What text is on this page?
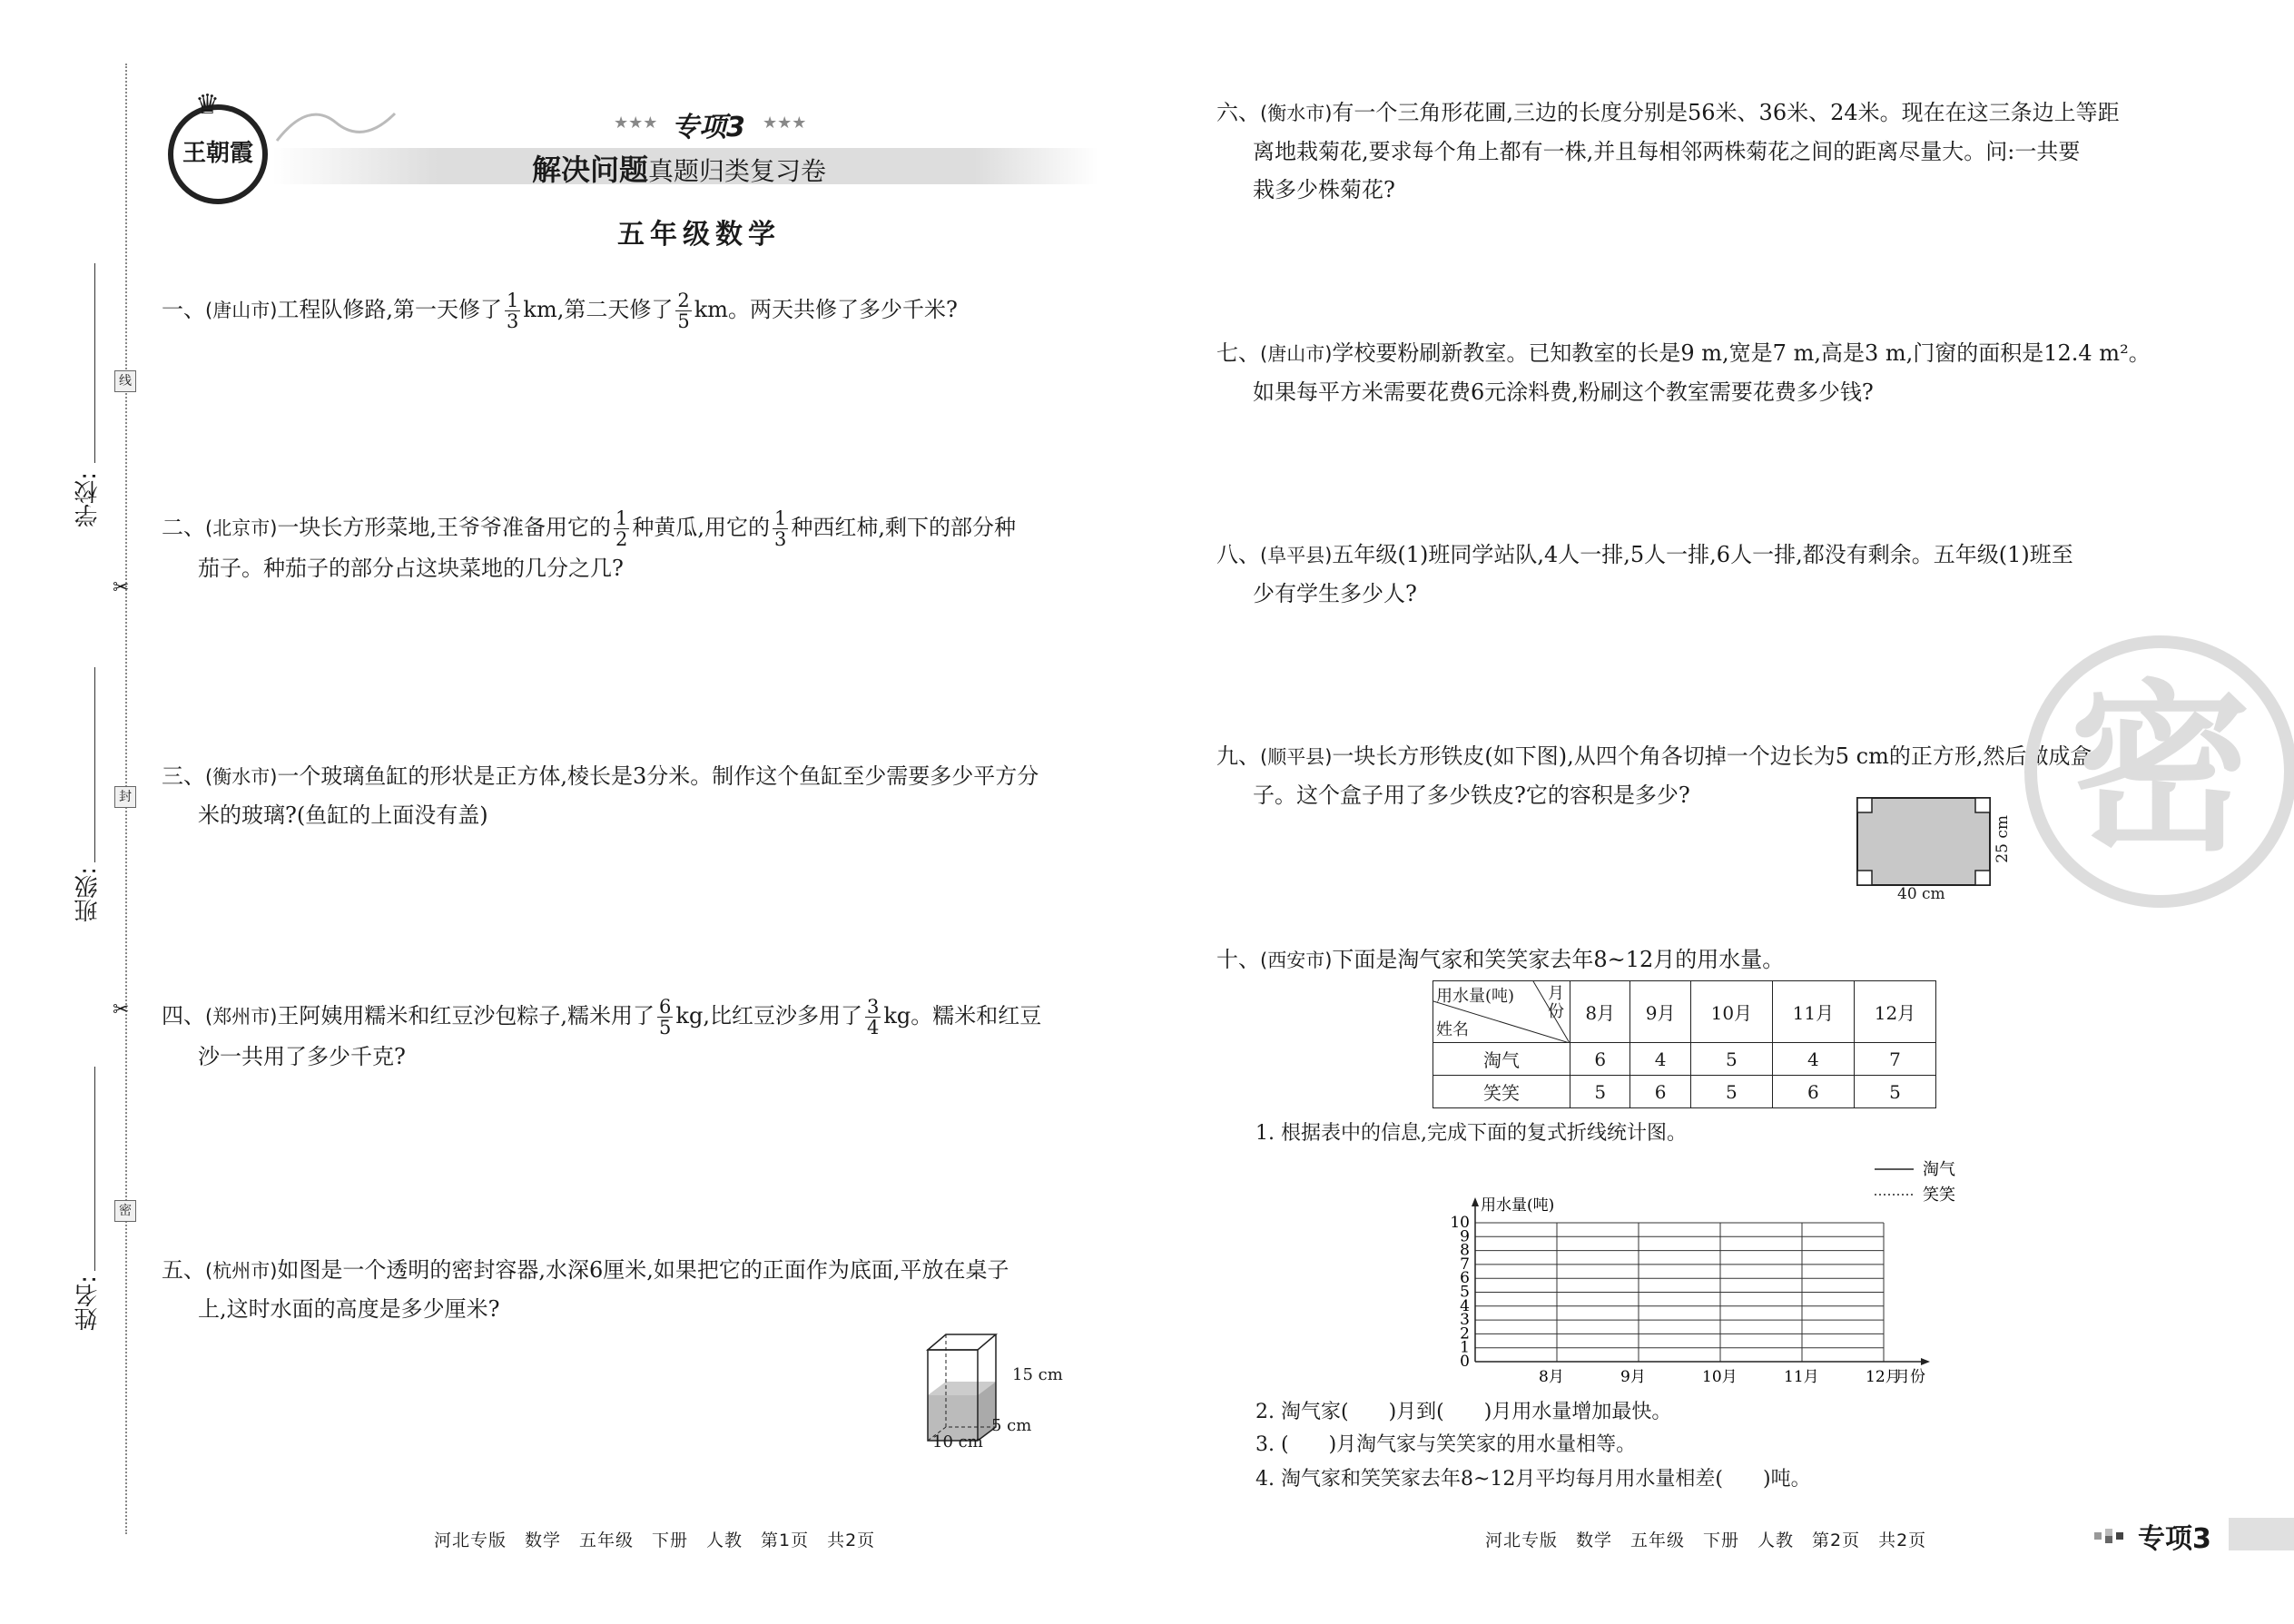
线
封
密
✂
✂
学校:
班级:
姓名:
王朝霞
♛
★★★ 专项3 ★★★
解决问题真题归类复习卷
五年级数学
一、(唐山市)工程队修路,第一天修了 $\frac{1}{3}$ km,第二天修了 $\frac{2}{5}$ km。两天共修了多少千米?
二、(北京市)一块长方形菜地,王爷爷准备用它的 $\frac{1}{2}$ 种黄瓜,用它的 $\frac{1}{3}$ 种西红柿,剩下的部分种
茄子。种茄子的部分占这块菜地的几分之几?
三、(衡水市)一个玻璃鱼缸的形状是正方体,棱长是3分米。制作这个鱼缸至少需要多少平方分
米的玻璃?(鱼缸的上面没有盖)
四、(郑州市)王阿姨用糯米和红豆沙包粽子,糯米用了 $\frac{6}{5}$ kg,比红豆沙多用了 $\frac{3}{4}$ kg。糯米和红豆
沙一共用了多少千克?
五、(杭州市)如图是一个透明的密封容器,水深6厘米,如果把它的正面作为底面,平放在桌子
上,这时水面的高度是多少厘米?
15 cm
5 cm
10 cm
六、(衡水市)有一个三角形花圃,三边的长度分别是56米、36米、24米。现在在这三条边上等距
离地栽菊花,要求每个角上都有一株,并且每相邻两株菊花之间的距离尽量大。问:一共要
栽多少株菊花?
七、(唐山市)学校要粉刷新教室。已知教室的长是9 m,宽是7 m,高是3 m,门窗的面积是12.4 m²。
如果每平方米需要花费6元涂料费,粉刷这个教室需要花费多少钱?
八、(阜平县)五年级(1)班同学站队,4人一排,5人一排,6人一排,都没有剩余。五年级(1)班至
少有学生多少人?
九、(顺平县)一块长方形铁皮(如下图),从四个角各切掉一个边长为5 cm的正方形,然后做成盒
子。这个盒子用了多少铁皮?它的容积是多少?
25 cm
40 cm
密
十、(西安市)下面是淘气家和笑笑家去年8~12月的用水量。
用水量(吨) 月份
姓名	8月	9月	10月	11月	12月
淘气	6	4	5	4	7
笑笑	5	6	5	6	5
1. 根据表中的信息,完成下面的复式折线统计图。
0
1
2
3
4
5
6
7
8
9
10
8月	9月	10月	11月	12月
用水量(吨)
月份
淘气
笑笑
2. 淘气家(　　)月到(　　)月用水量增加最快。
3. (　　)月淘气家与笑笑家的用水量相等。
4. 淘气家和笑笑家去年8~12月平均每月用水量相差(　　)吨。
河北专版　数学　五年级　下册　人教　第1页　共2页	河北专版　数学　五年级　下册　人教　第2页　共2页	专项3
